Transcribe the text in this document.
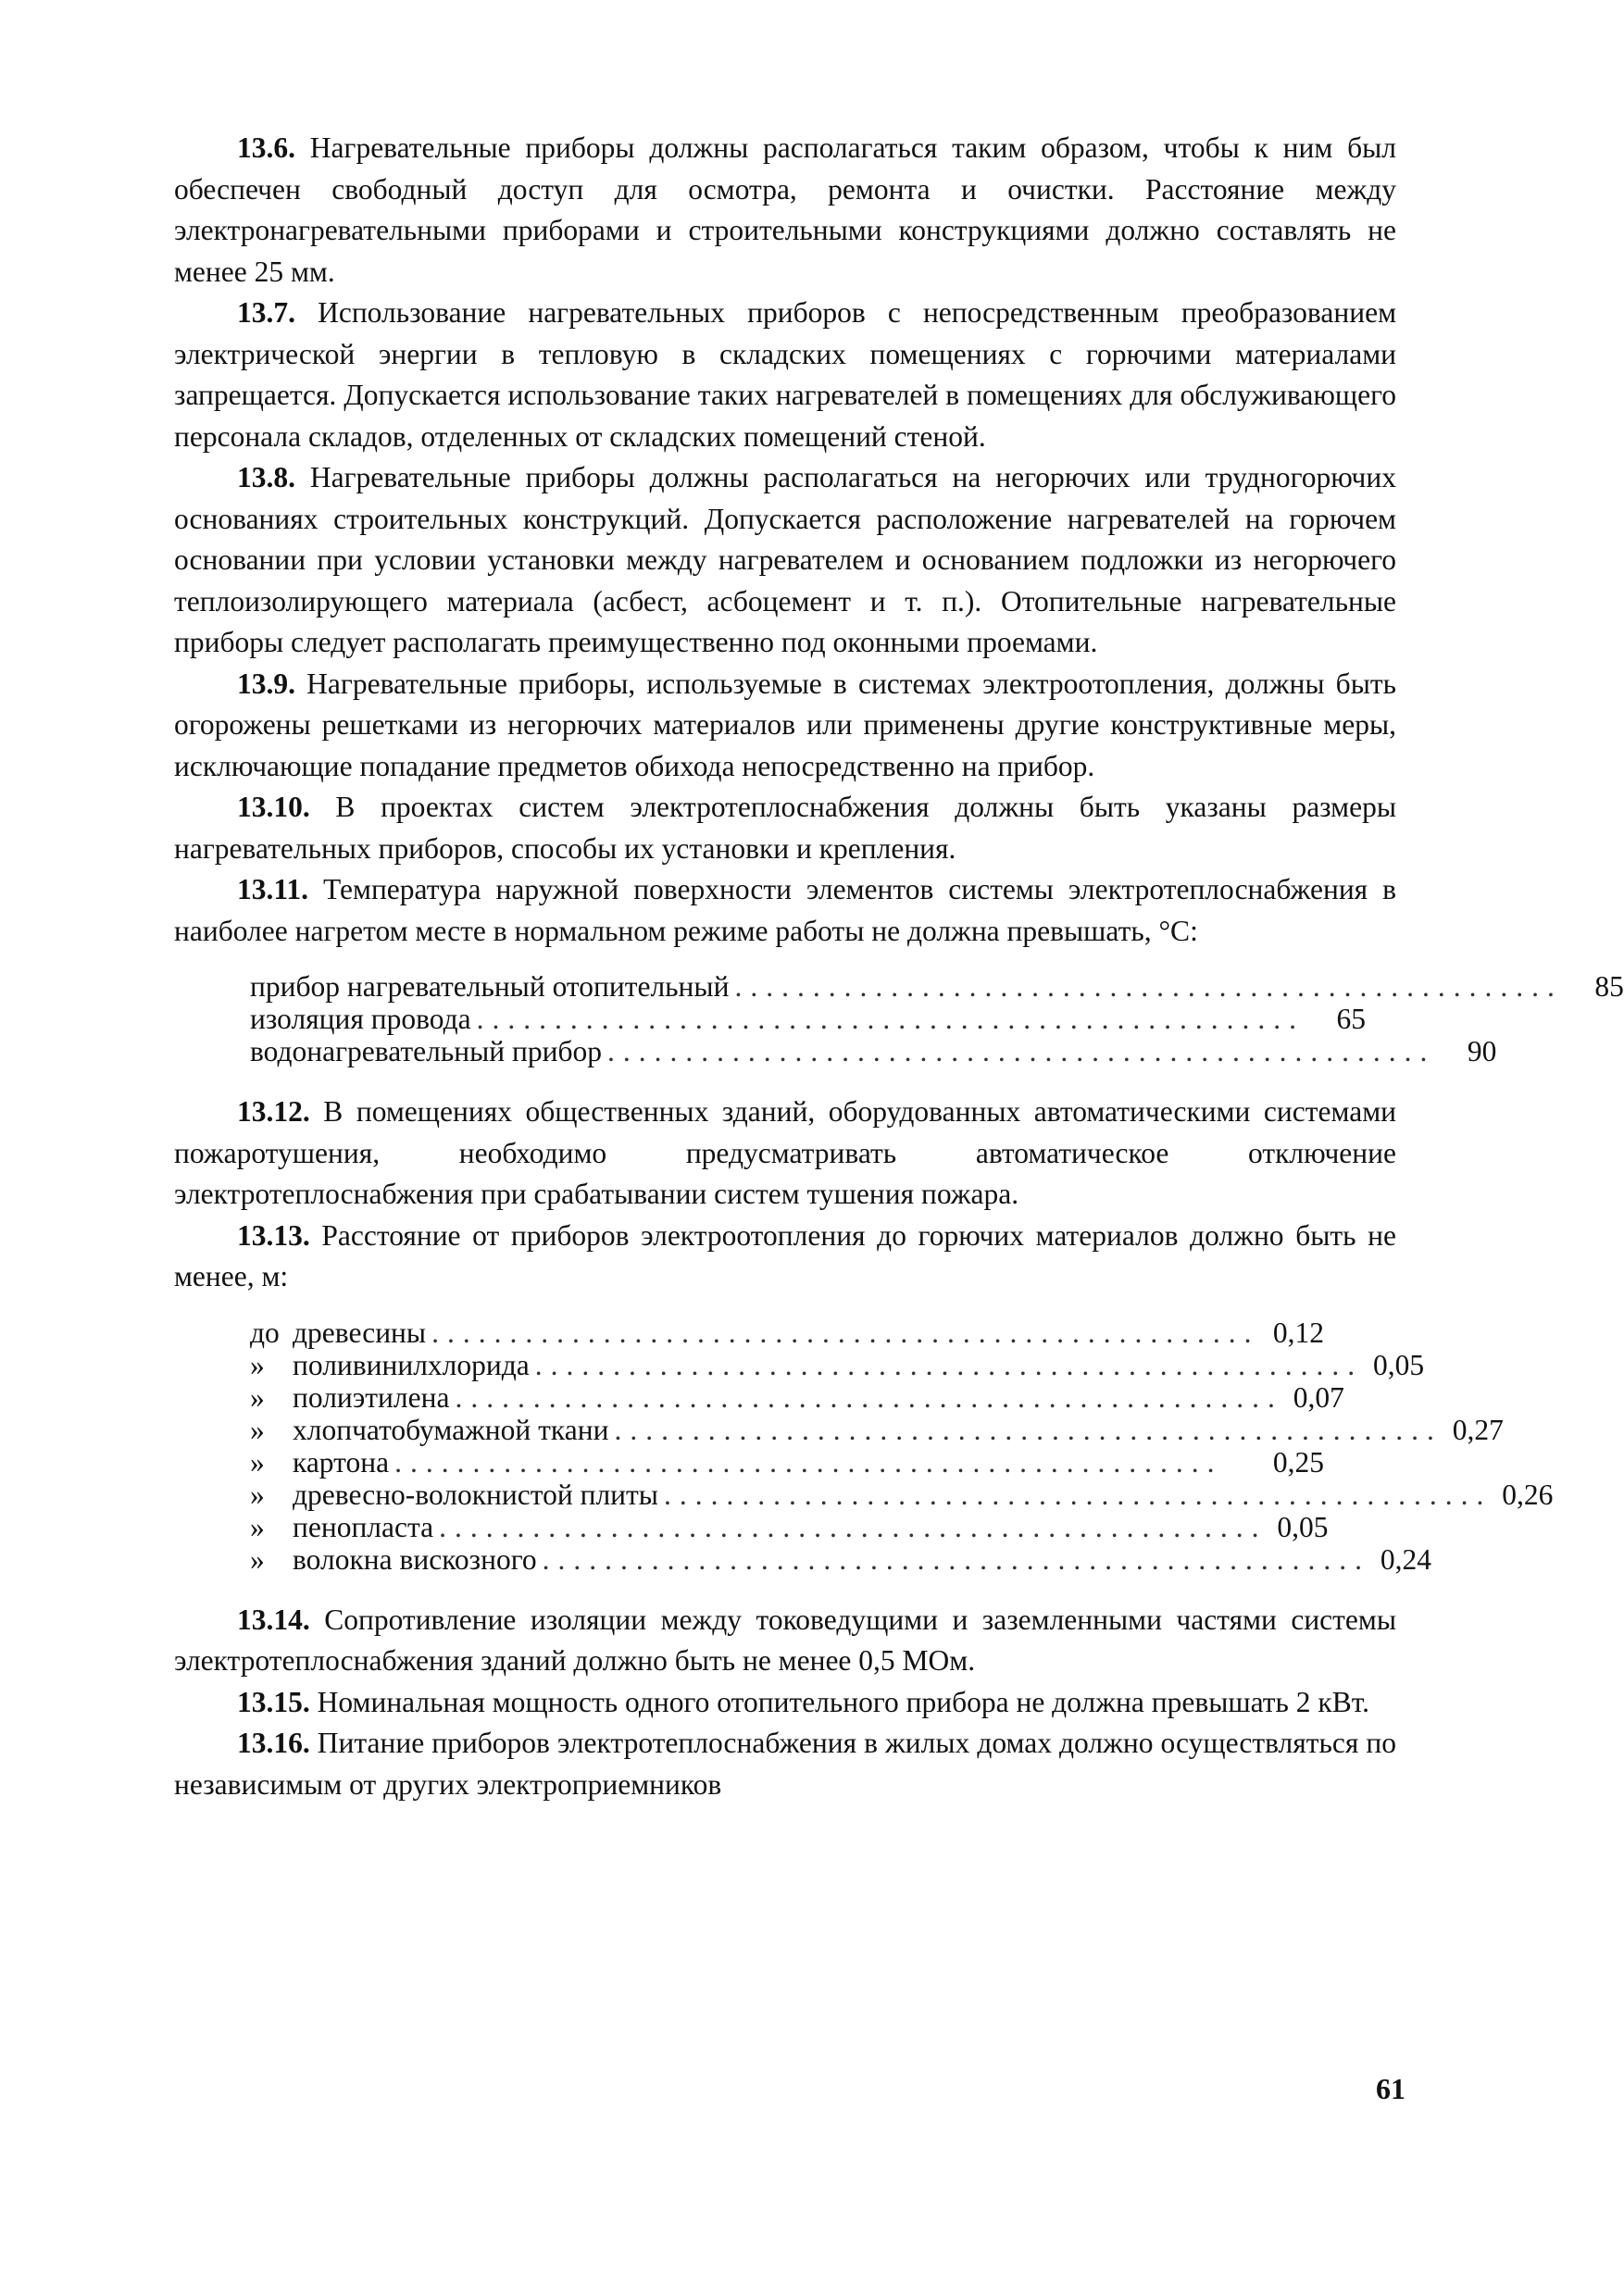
13.6. Нагревательные приборы должны располагаться таким образом, чтобы к ним был обеспечен свободный доступ для осмотра, ремонта и очистки. Расстояние между электронагревательными приборами и строительными конструкциями должно составлять не менее 25 мм.

13.7. Использование нагревательных приборов с непосредственным преобразованием электрической энергии в тепловую в складских помещениях с горючими материалами запрещается. Допускается использование таких нагревателей в помещениях для обслуживающего персонала складов, отделенных от складских помещений стеной.

13.8. Нагревательные приборы должны располагаться на негорючих или трудногорючих основаниях строительных конструкций. Допускается расположение нагревателей на горючем основании при условии установки между нагревателем и основанием подложки из негорючего теплоизолирующего материала (асбест, асбоцемент и т. п.). Отопительные нагревательные приборы следует располагать преимущественно под оконными проемами.

13.9. Нагревательные приборы, используемые в системах электроотопления, должны быть огорожены решетками из негорючих материалов или применены другие конструктивные меры, исключающие попадание предметов обихода непосредственно на прибор.

13.10. В проектах систем электротеплоснабжения должны быть указаны размеры нагревательных приборов, способы их установки и крепления.

13.11. Температура наружной поверхности элементов системы электротеплоснабжения в наиболее нагретом месте в нормальном режиме работы не должна превышать, °С:

прибор нагревательный отопительный .....................................................	85
изоляция провода .....................................................	65
водонагревательный прибор .....................................................	90

13.12. В помещениях общественных зданий, оборудованных автоматическими системами пожаротушения, необходимо предусматривать автоматическое отключение электротеплоснабжения при срабатывании систем тушения пожара.

13.13. Расстояние от приборов электроотопления до горючих материалов должно быть не менее, м:

до древесины ..................................................... 0,12
» поливинилхлорида ..................................................... 0,05
» полиэтилена ..................................................... 0,07
» хлопчатобумажной ткани ..................................................... 0,27
» картона .....................................................	0,25
» древесно-волокнистой плиты ..................................................... 0,26
» пенопласта ..................................................... 0,05
» волокна вискозного ..................................................... 0,24

13.14. Сопротивление изоляции между токоведущими и заземленными частями системы электротеплоснабжения зданий должно быть не менее 0,5 МОм.

13.15. Номинальная мощность одного отопительного прибора не должна превышать 2 кВт.

13.16. Питание приборов электротеплоснабжения в жилых домах должно осуществляться по независимым от других электроприемников

61
